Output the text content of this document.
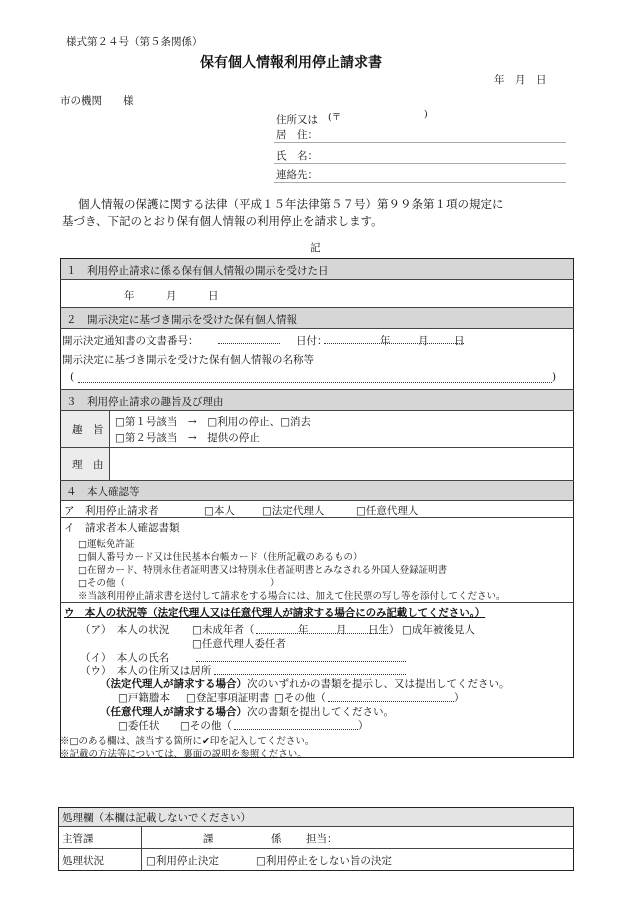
様式第２４号（第５条関係）
保有個人情報利用停止請求書
年　月　日
市の機関　　様
住所又は (〒	)
居　住：
氏　名：
連絡先：
個人情報の保護に関する法律（平成１５年法律第５７号）第９９条第１項の規定に
基づき、下記のとおり保有個人情報の利用停止を請求します。
記
１　利用停止請求に係る保有個人情報の開示を受けた日
年　　　月　　　日
２　開示決定に基づき開示を受けた保有個人情報
開示決定通知書の文書番号：	日付：	年	月 日
開示決定に基づき開示を受けた保有個人情報の名称等
(	)
３　利用停止請求の趣旨及び理由
趣　旨
□第１号該当　→　□利用の停止、□消去
□第２号該当　→　提供の停止
理　由
４　本人確認等
ア　利用停止請求者	□本人	□法定代理人	□任意代理人
イ　請求者本人確認書類
□運転免許証
□個人番号カード又は住民基本台帳カード（住所記載のあるもの）
□在留カード、特別永住者証明書又は特別永住者証明書とみなされる外国人登録証明書
□その他（	）
※当該利用停止請求書を送付して請求をする場合には、加えて住民票の写し等を添付してください。
ウ　本人の状況等（法定代理人又は任意代理人が請求する場合にのみ記載してください。）
（ア）　本人の状況 □未成年者（	年	月 日生） □成年被後見人
□任意代理人委任者
（イ）　本人の氏名
（ウ）　本人の住所又は居所
（法定代理人が請求する場合）次のいずれかの書類を提示し、又は提出してください。
□戸籍謄本 □登記事項証明書 □その他（	）
（任意代理人が請求する場合）次の書類を提出してください。
□委任状 □その他（	）
※□のある欄は、該当する箇所に✔印を記入してください。
※記載の方法等については、裏面の説明を参照ください。
処理欄（本欄は記載しないでください）
主管課	課	係 担当：
処理状況	□利用停止決定	□利用停止をしない旨の決定
